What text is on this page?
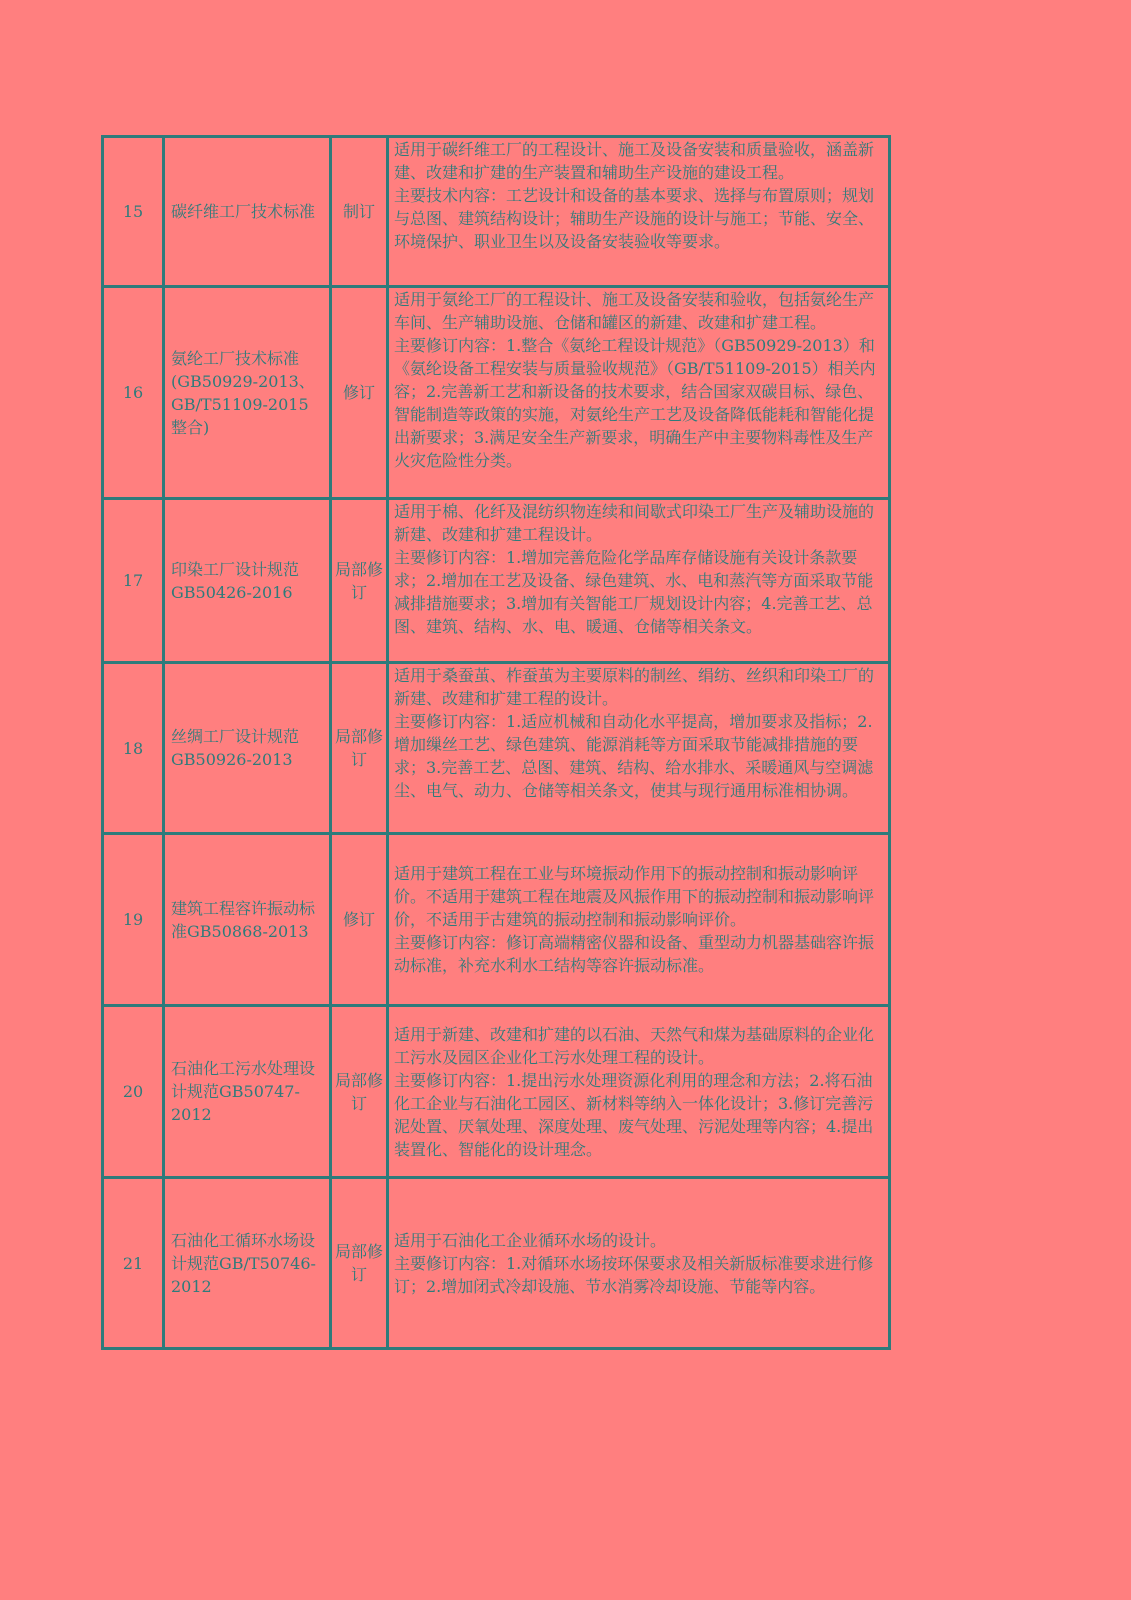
15	碳纤维工厂技术标准	制订	适用于碳纤维工厂的工程设计、施工及设备安装和质量验收，涵盖新建、改建和扩建的生产装置和辅助生产设施的建设工程。
主要技术内容：工艺设计和设备的基本要求、选择与布置原则；规划与总图、建筑结构设计；辅助生产设施的设计与施工；节能、安全、环境保护、职业卫生以及设备安装验收等要求。

16	氨纶工厂技术标准(GB50929-2013、GB/T51109-2015整合)	修订	适用于氨纶工厂的工程设计、施工及设备安装和验收，包括氨纶生产车间、生产辅助设施、仓储和罐区的新建、改建和扩建工程。
主要修订内容：1.整合《氨纶工程设计规范》（GB50929-2013）和《氨纶设备工程安装与质量验收规范》（GB/T51109-2015）相关内容；2.完善新工艺和新设备的技术要求，结合国家双碳目标、绿色、智能制造等政策的实施，对氨纶生产工艺及设备降低能耗和智能化提出新要求；3.满足安全生产新要求，明确生产中主要物料毒性及生产火灾危险性分类。

17	印染工厂设计规范GB50426-2016	局部修订	适用于棉、化纤及混纺织物连续和间歇式印染工厂生产及辅助设施的新建、改建和扩建工程设计。
主要修订内容：1.增加完善危险化学品库存储设施有关设计条款要求；2.增加在工艺及设备、绿色建筑、水、电和蒸汽等方面采取节能减排措施要求；3.增加有关智能工厂规划设计内容；4.完善工艺、总图、建筑、结构、水、电、暖通、仓储等相关条文。

18	丝绸工厂设计规范GB50926-2013	局部修订	适用于桑蚕茧、柞蚕茧为主要原料的制丝、绢纺、丝织和印染工厂的新建、改建和扩建工程的设计。
主要修订内容：1.适应机械和自动化水平提高，增加要求及指标；2.增加缫丝工艺、绿色建筑、能源消耗等方面采取节能减排措施的要求；3.完善工艺、总图、建筑、结构、给水排水、采暖通风与空调滤尘、电气、动力、仓储等相关条文，使其与现行通用标准相协调。

19	建筑工程容许振动标准GB50868-2013	修订	适用于建筑工程在工业与环境振动作用下的振动控制和振动影响评价。不适用于建筑工程在地震及风振作用下的振动控制和振动影响评价，不适用于古建筑的振动控制和振动影响评价。
主要修订内容：修订高端精密仪器和设备、重型动力机器基础容许振动标准，补充水利水工结构等容许振动标准。

20	石油化工污水处理设计规范GB50747-2012	局部修订	适用于新建、改建和扩建的以石油、天然气和煤为基础原料的企业化工污水及园区企业化工污水处理工程的设计。
主要修订内容：1.提出污水处理资源化利用的理念和方法；2.将石油化工企业与石油化工园区、新材料等纳入一体化设计；3.修订完善污泥处置、厌氧处理、深度处理、废气处理、污泥处理等内容；4.提出装置化、智能化的设计理念。

21	石油化工循环水场设计规范GB/T50746-2012	局部修订	适用于石油化工企业循环水场的设计。
主要修订内容：1.对循环水场按环保要求及相关新版标准要求进行修订；2.增加闭式冷却设施、节水消雾冷却设施、节能等内容。
